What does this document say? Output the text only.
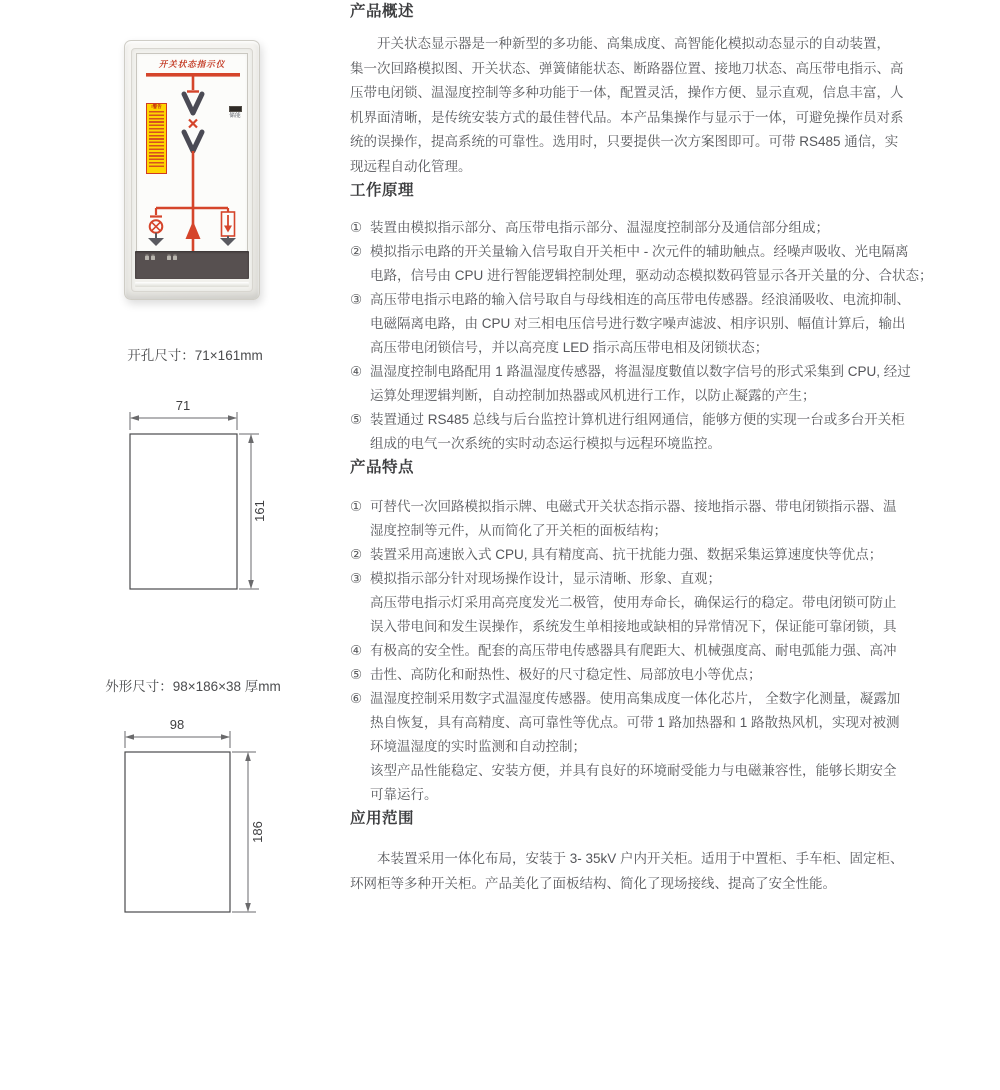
开关状态指示仪
!警告
储能
开孔尺寸：71×161mm
71
161
外形尺寸：98×186×38 厚mm
98
186
产品概述
开关状态显示器是一种新型的多功能、高集成度、高智能化模拟动态显示的自动装置，
集一次回路模拟图、开关状态、弹簧储能状态、断路器位置、接地刀状态、高压带电指示、高
压带电闭锁、温湿度控制等多种功能于一体，配置灵活，操作方便、显示直观，信息丰富，人
机界面清晰，是传统安装方式的最佳替代品。本产品集操作与显示于一体，可避免操作员对系
统的误操作，提高系统的可靠性。选用时，只要提供一次方案图即可。可带 RS485 通信，实
现远程自动化管理。
工作原理
① 装置由模拟指示部分、高压带电指示部分、温湿度控制部分及通信部分组成；
② 模拟指示电路的开关量输入信号取自开关柜中 - 次元件的辅助触点。经噪声吸收、光电隔离
电路，信号由 CPU 进行智能逻辑控制处理，驱动动态模拟数码管显示各开关量的分、合状态；
③ 高压带电指示电路的输入信号取自与母线相连的高压带电传感器。经浪涌吸收、电流抑制、
电磁隔离电路，由 CPU 对三相电压信号进行数字噪声滤波、相序识别、幅值计算后，输出
高压带电闭锁信号，并以高亮度 LED 指示高压带电相及闭锁状态；
④ 温湿度控制电路配用 1 路温湿度传感器，将温湿度數值以数字信号的形式采集到 CPU, 经过
运算处理逻辑判断，自动控制加热器或风机进行工作，以防止凝露的产生；
⑤ 装置通过 RS485 总线与后台监控计算机进行组网通信，能够方便的实现一台或多台开关柜
组成的电气一次系统的实时动态运行模拟与远程环境监控。
产品特点
① 可替代一次回路模拟指示牌、电磁式开关状态指示器、接地指示器、带电闭锁指示器、温
湿度控制等元件，从而简化了开关柜的面板结构；
② 装置采用高速嵌入式 CPU, 具有精度高、抗干扰能力强、数据采集运算速度快等优点；
③ 模拟指示部分针对现场操作设计，显示清晰、形象、直观；
高压带电指示灯采用高亮度发光二极管，使用寿命长，确保运行的稳定。带电闭锁可防止
误入带电间和发生误操作，系统发生单相接地或缺相的异常情况下，保证能可靠闭锁，具
④ 有极高的安全性。配套的高压带电传感器具有爬距大、机械强度高、耐电弧能力强、高冲
⑤ 击性、高防化和耐热性、极好的尺寸稳定性、局部放电小等优点；
⑥ 温湿度控制采用数字式温湿度传感器。使用高集成度一体化芯片， 全数字化测量，凝露加
热自恢复，具有高精度、高可靠性等优点。可带 1 路加热器和 1 路散热风机，实现对被测
环境温湿度的实时监测和自动控制；
该型产品性能稳定、安装方便，并具有良好的环境耐受能力与电磁兼容性，能够长期安全
可靠运行。
应用范围
本装置采用一体化布局，安装于 3- 35kV 户内开关柜。适用于中置柜、手车柜、固定柜、
环网柜等多种开关柜。产品美化了面板结构、简化了现场接线、提高了安全性能。
